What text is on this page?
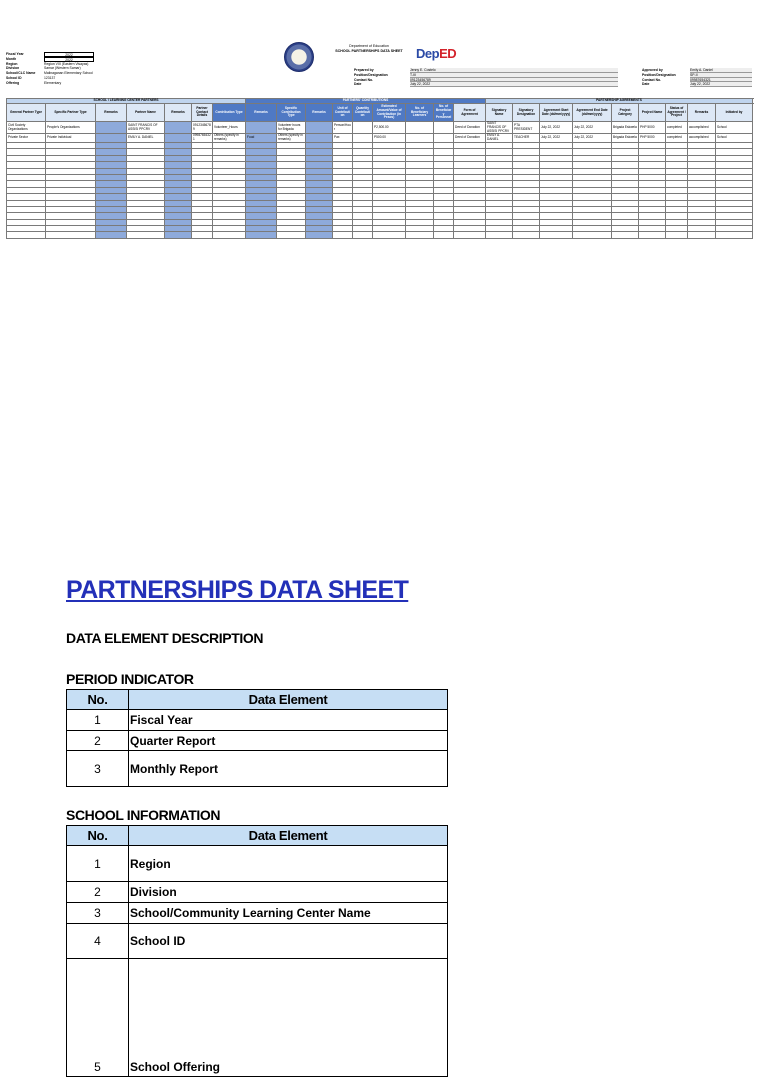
Fiscal Year	2022
Month	2022
Region	Region VIII (Eastern Visayas)
Division	Samar (Western Samar)
School/CLC Name	Malinaganan Elementary School
School ID	123137
Offering	Elementary
Department of Education
SCHOOL PARTNERSHIPS DATA SHEET	DepED
Prepared by	Jenny E. Costelo
Position/Designation	T-III
Contact No.	09123456789
Date	July 22, 2022
Approved by	Emily A. Daniel
Position/Designation	SP-II
Contact No.	09987654321
Date	July 22, 2022
SCHOOL / LEARNING CENTER PARTNERS							PARTNERS' CONTRIBUTIONS									PARTNERSHIP AGREEMENTS								
General Partner Type	Specific Partner Type	Remarks	Partner Name	Remarks	Partner Contact Details	Contribution Type	Remarks	Specific Contribution Type	Remarks	Unit of Contribution	Quantity Contribution	Estimated Amount/Value of Contribution (in Pesos)	No. of Beneficiary Learners	No. of Beneficiary Personnel	Form of Agreement	Signatory Name	Signatory Designation	Agreement Start Date (dd/mm/yyyy)	Agreement End Date (dd/mm/yyyy)	Project Category	Project Name	Status of Agreement / Project	Remarks	Initiated by
Civil Society Organizations	People's Organizations		SAINT FRANCIS OF ASSISI PPCRV		09123456789	Volunteer_Hours		Volunteer hours for Brigada		Person/Hour		P2,500.00			Deed of Donation	SAINT FRANCIS OF ASSISI PPCRV	PTA PRESIDENT	July 22, 2022	July 22, 2022	Brigada Eskwela	PHP 5000	completed	accomplished	School
Private Sector	Private Individual		EMILY A. DANIEL		09987654321	Others (specify in remarks)	Food	Others (specify in remarks)		Pax		P500.00			Deed of Donation	EMILY A. DANIEL	TEACHER	July 22, 2022	July 22, 2022	Brigada Eskwela	PHP 5000	completed	accomplished	School

PARTNERSHIPS DATA SHEET
DATA ELEMENT DESCRIPTION
PERIOD INDICATOR
No.	Data Element
1	Fiscal Year
2	Quarter Report
3	Monthly Report
SCHOOL INFORMATION
No.	Data Element
1	Region
2	Division
3	School/Community Learning Center Name
4	School ID
5	School Offering
